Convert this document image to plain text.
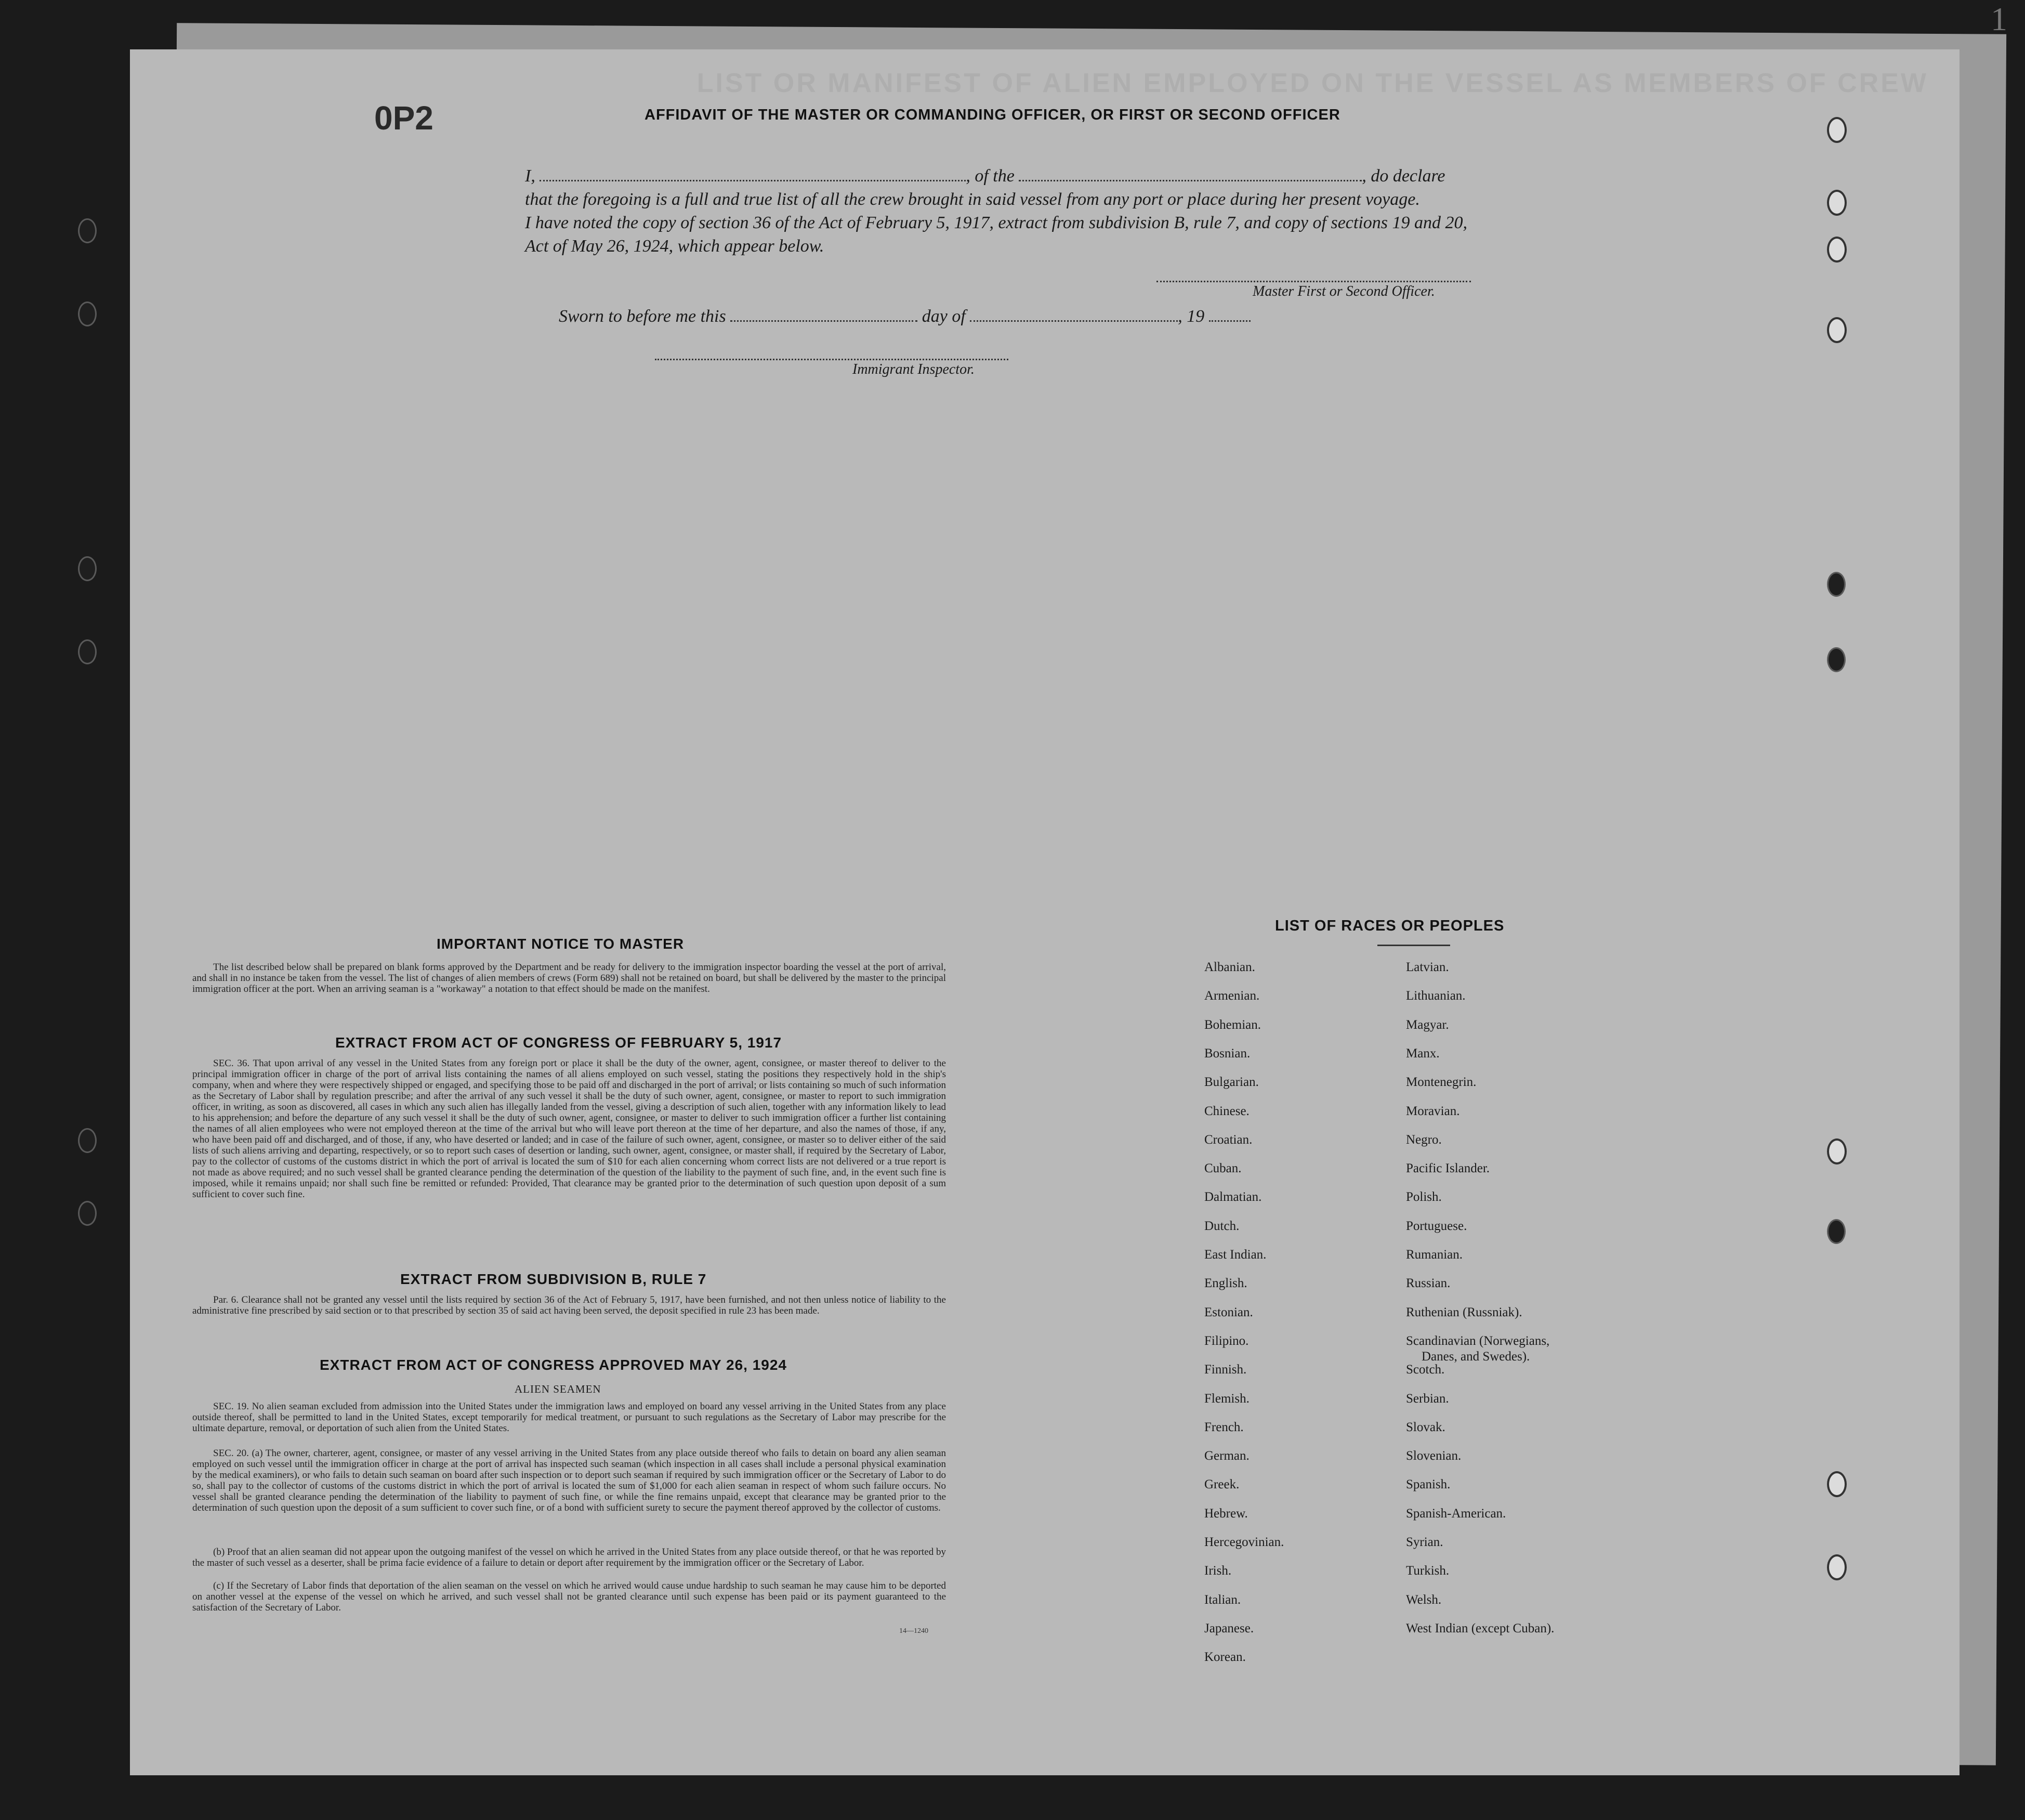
1
LIST OR MANIFEST OF ALIEN EMPLOYED ON THE VESSEL AS MEMBERS OF CREW
0P2	AFFIDAVIT OF THE MASTER OR COMMANDING OFFICER, OR FIRST OR SECOND OFFICER
I,	, of the	, do declare
that the foregoing is a full and true list of all the crew brought in said vessel from any port or place during her present voyage.
I have noted the copy of section 36 of the Act of February 5, 1917, extract from subdivision B, rule 7, and copy of sections 19 and 20,
Act of May 26, 1924, which appear below.
Master First or Second Officer.
Sworn to before me this	day of	, 19
Immigrant Inspector.
IMPORTANT NOTICE TO MASTER
The list described below shall be prepared on blank forms approved by the Department and be ready for delivery to the immigration inspector boarding the vessel at the port of arrival, and shall in no instance be taken from the vessel. The list of changes of alien members of crews (Form 689) shall not be retained on board, but shall be delivered by the master to the principal immigration officer at the port. When an arriving seaman is a "workaway" a notation to that effect should be made on the manifest.
EXTRACT FROM ACT OF CONGRESS OF FEBRUARY 5, 1917
SEC. 36. That upon arrival of any vessel in the United States from any foreign port or place it shall be the duty of the owner, agent, consignee, or master thereof to deliver to the principal immigration officer in charge of the port of arrival lists containing the names of all aliens employed on such vessel, stating the positions they respectively hold in the ship's company, when and where they were respectively shipped or engaged, and specifying those to be paid off and discharged in the port of arrival; or lists containing so much of such information as the Secretary of Labor shall by regulation prescribe; and after the arrival of any such vessel it shall be the duty of such owner, agent, consignee, or master to report to such immigration officer, in writing, as soon as discovered, all cases in which any such alien has illegally landed from the vessel, giving a description of such alien, together with any information likely to lead to his apprehension; and before the departure of any such vessel it shall be the duty of such owner, agent, consignee, or master to deliver to such immigration officer a further list containing the names of all alien employees who were not employed thereon at the time of the arrival but who will leave port thereon at the time of her departure, and also the names of those, if any, who have been paid off and discharged, and of those, if any, who have deserted or landed; and in case of the failure of such owner, agent, consignee, or master so to deliver either of the said lists of such aliens arriving and departing, respectively, or so to report such cases of desertion or landing, such owner, agent, consignee, or master shall, if required by the Secretary of Labor, pay to the collector of customs of the customs district in which the port of arrival is located the sum of $10 for each alien concerning whom correct lists are not delivered or a true report is not made as above required; and no such vessel shall be granted clearance pending the determination of the question of the liability to the payment of such fine, and, in the event such fine is imposed, while it remains unpaid; nor shall such fine be remitted or refunded: Provided, That clearance may be granted prior to the determination of such question upon deposit of a sum sufficient to cover such fine.
EXTRACT FROM SUBDIVISION B, RULE 7
Par. 6. Clearance shall not be granted any vessel until the lists required by section 36 of the Act of February 5, 1917, have been furnished, and not then unless notice of liability to the administrative fine prescribed by said section or to that prescribed by section 35 of said act having been served, the deposit specified in rule 23 has been made.
EXTRACT FROM ACT OF CONGRESS APPROVED MAY 26, 1924
ALIEN SEAMEN
SEC. 19. No alien seaman excluded from admission into the United States under the immigration laws and employed on board any vessel arriving in the United States from any place outside thereof, shall be permitted to land in the United States, except temporarily for medical treatment, or pursuant to such regulations as the Secretary of Labor may prescribe for the ultimate departure, removal, or deportation of such alien from the United States.
SEC. 20. (a) The owner, charterer, agent, consignee, or master of any vessel arriving in the United States from any place outside thereof who fails to detain on board any alien seaman employed on such vessel until the immigration officer in charge at the port of arrival has inspected such seaman (which inspection in all cases shall include a personal physical examination by the medical examiners), or who fails to detain such seaman on board after such inspection or to deport such seaman if required by such immigration officer or the Secretary of Labor to do so, shall pay to the collector of customs of the customs district in which the port of arrival is located the sum of $1,000 for each alien seaman in respect of whom such failure occurs. No vessel shall be granted clearance pending the determination of the liability to payment of such fine, or while the fine remains unpaid, except that clearance may be granted prior to the determination of such question upon the deposit of a sum sufficient to cover such fine, or of a bond with sufficient surety to secure the payment thereof approved by the collector of customs.
(b) Proof that an alien seaman did not appear upon the outgoing manifest of the vessel on which he arrived in the United States from any place outside thereof, or that he was reported by the master of such vessel as a deserter, shall be prima facie evidence of a failure to detain or deport after requirement by the immigration officer or the Secretary of Labor.
(c) If the Secretary of Labor finds that deportation of the alien seaman on the vessel on which he arrived would cause undue hardship to such seaman he may cause him to be deported on another vessel at the expense of the vessel on which he arrived, and such vessel shall not be granted clearance until such expense has been paid or its payment guaranteed to the satisfaction of the Secretary of Labor.
14—1240
LIST OF RACES OR PEOPLES
Albanian.
Armenian.
Bohemian.
Bosnian.
Bulgarian.
Chinese.
Croatian.
Cuban.
Dalmatian.
Dutch.
East Indian.
English.
Estonian.
Filipino.
Finnish.
Flemish.
French.
German.
Greek.
Hebrew.
Hercegovinian.
Irish.
Italian.
Japanese.
Korean.
Latvian.
Lithuanian.
Magyar.
Manx.
Montenegrin.
Moravian.
Negro.
Pacific Islander.
Polish.
Portuguese.
Rumanian.
Russian.
Ruthenian (Russniak).
Scandinavian (Norwegians,
Danes, and Swedes).
Scotch.
Serbian.
Slovak.
Slovenian.
Spanish.
Spanish-American.
Syrian.
Turkish.
Welsh.
West Indian (except Cuban).
